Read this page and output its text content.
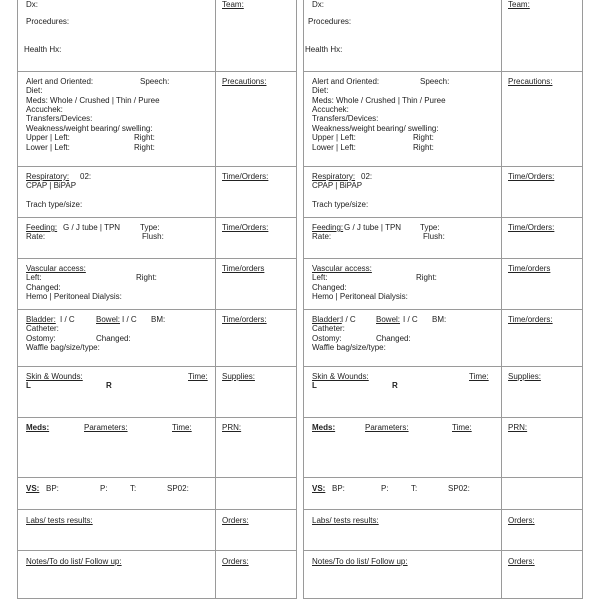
Dx:
Procedures:
Health Hx:
Team:
Alert and Oriented:	Speech:
Diet:
Meds: Whole / Crushed | Thin / Puree
Accuchek:
Transfers/Devices:
Weakness/weight bearing/ swelling:
Upper | Left:	Right:
Lower | Left:	Right:
Precautions:
Respiratory: 02:
CPAP | BiPAP
Trach type/size:
Time/Orders:
Feeding: G / J tube | TPN Type:
Rate:	Flush:
Time/Orders:
Vascular access:
Left:	Right:
Changed:
Hemo | Peritoneal Dialysis:
Time/orders
Bladder: I / C	Bowel: I / C BM:
Catheter:
Ostomy:	Changed:
Waffle bag/size/type:
Time/orders:
Skin & Wounds:	Time:
L	R
Supplies:
Meds:	Parameters:	Time:	PRN:
VS: BP:	P:	T:	SP02:
Labs/ tests results:	Orders:
Notes/To do list/ Follow up:	Orders:
Dx:
Procedures:
Health Hx:
Team:
Alert and Oriented:	Speech:
Diet:
Meds: Whole / Crushed | Thin / Puree
Accuchek:
Transfers/Devices:
Weakness/weight bearing/ swelling:
Upper | Left:	Right:
Lower | Left:	Right:
Precautions:
Respiratory: 02:
CPAP | BiPAP
Trach type/size:
Time/Orders:
Feeding: G / J tube | TPN Type:
Rate:	Flush:
Time/Orders:
Vascular access:
Left:	Right:
Changed:
Hemo | Peritoneal Dialysis:
Time/orders
Bladder: I / C	Bowel: I / C BM:
Catheter:
Ostomy:	Changed:
Waffle bag/size/type:
Time/orders:
Skin & Wounds:	Time:
L	R
Supplies:
Meds:	Parameters:	Time:	PRN:
VS: BP:	P:	T:	SP02:
Labs/ tests results:	Orders:
Notes/To do list/ Follow up:	Orders:
